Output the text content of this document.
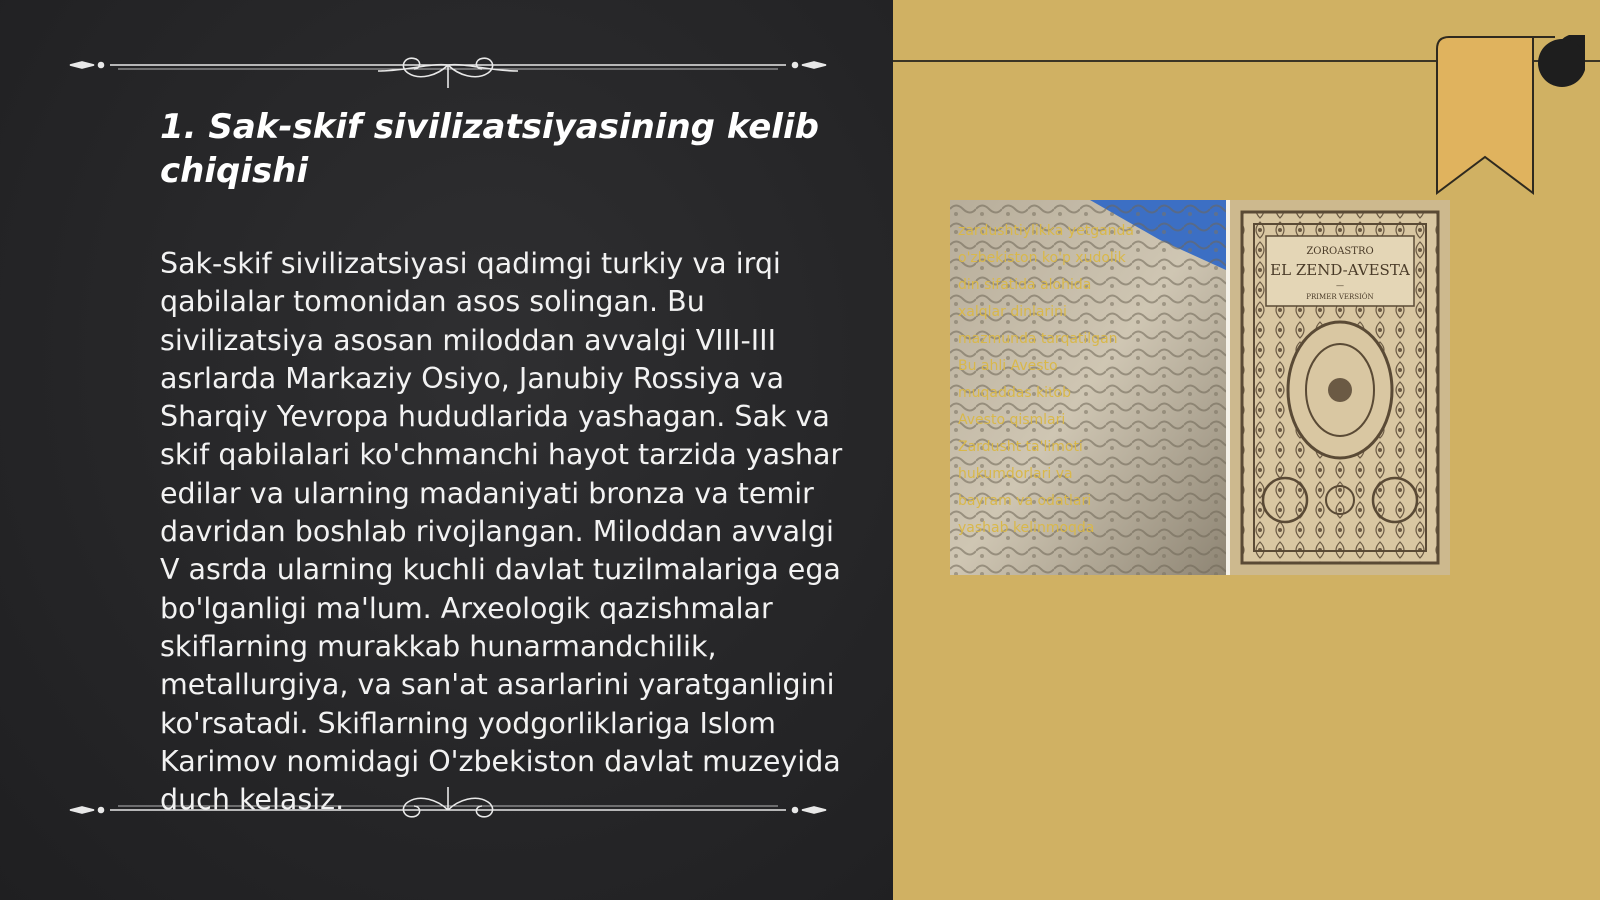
1. Sak-skif sivilizatsiyasining kelib chiqishi

Sak-skif sivilizatsiyasi qadimgi turkiy va irqi qabilalar tomonidan asos solingan. Bu sivilizatsiya asosan miloddan avvalgi VIII-III asrlarda Markaziy Osiyo, Janubiy Rossiya va Sharqiy Yevropa hududlarida yashagan. Sak va skif qabilalari ko'chmanchi hayot tarzida yashar edilar va ularning madaniyati bronza va temir davridan boshlab rivojlangan. Miloddan avvalgi V asrda ularning kuchli davlat tuzilmalariga ega bo'lganligi ma'lum. Arxeologik qazishmalar skiflarning murakkab hunarmandchilik, metallurgiya, va san'at asarlarini yaratganligini ko'rsatadi. Skiflarning yodgorliklariga Islom Karimov nomidagi O'zbekiston davlat muzeyida duch kelasiz.

zardushtiylikka yetganda
o'zbekiston ko'p xudolik
din sifatida alohida
xalqlar dinlarini
mazmunda tarqatilgan
Bu ahli Avesto
muqaddas kitob
Avesto qismlari
Zardusht ta'limoti
hukumdorlari va
bayram va odatlari
yashab kelinmoqda
ZOROASTRO
EL ZEND-AVESTA
—
PRIMER VERSIÓN
